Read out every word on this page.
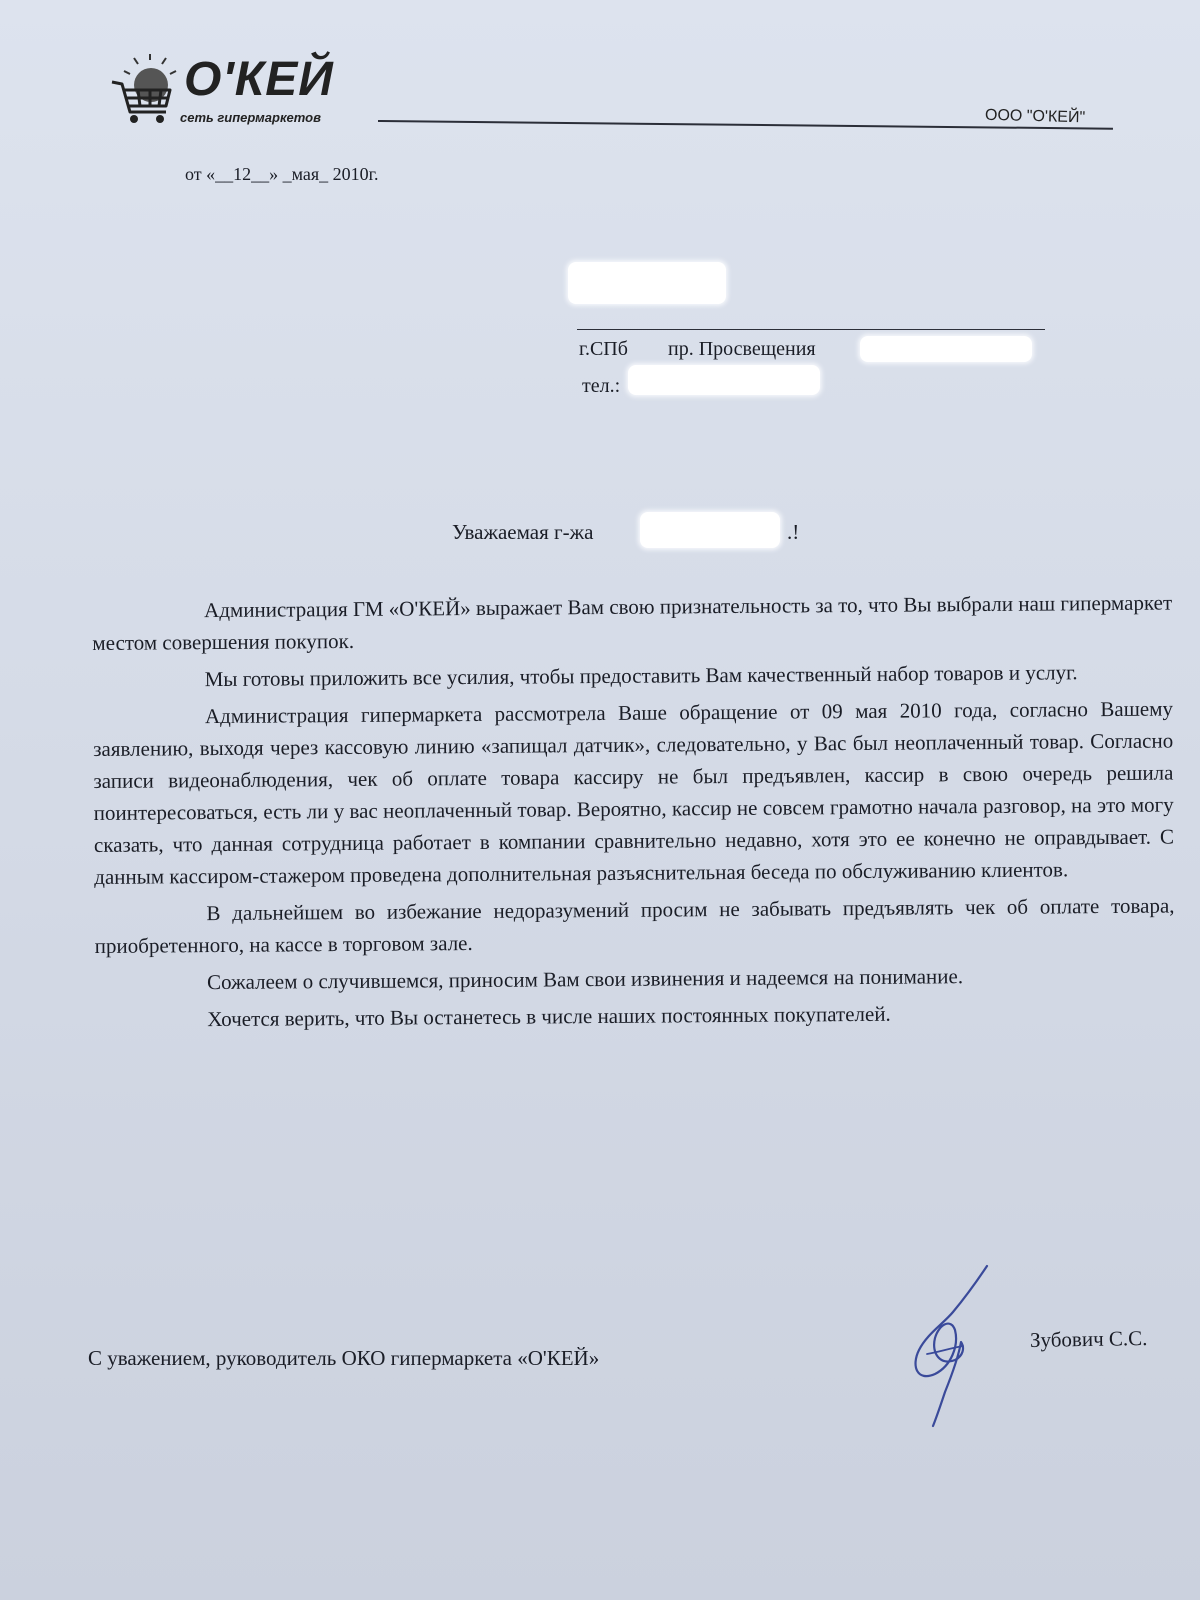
О'КЕЙ
сеть гипермаркетов	ООО "О'КЕЙ"
от «__12__» _мая_ 2010г.
г.СПб пр. Просвещения
тел.:
Уважаемая г-жа	.!

Администрация ГМ «О'КЕЙ» выражает Вам свою признательность за то, что Вы выбрали наш гипермаркет местом совершения покупок.

Мы готовы приложить все усилия, чтобы предоставить Вам качественный набор товаров и услуг.

Администрация гипермаркета рассмотрела Ваше обращение от 09 мая 2010 года, согласно Вашему заявлению, выходя через кассовую линию «запищал датчик», следовательно, у Вас был неоплаченный товар. Согласно записи видеонаблюдения, чек об оплате товара кассиру не был предъявлен, кассир в свою очередь решила поинтересоваться, есть ли у вас неоплаченный товар. Вероятно, кассир не совсем грамотно начала разговор, на это могу сказать, что данная сотрудница работает в компании сравнительно недавно, хотя это ее конечно не оправдывает. С данным кассиром-стажером проведена дополнительная разъяснительная беседа по обслуживанию клиентов.

В дальнейшем во избежание недоразумений просим не забывать предъявлять чек об оплате товара, приобретенного, на кассе в торговом зале.

Сожалеем о случившемся, приносим Вам свои извинения и надеемся на понимание.

Хочется верить, что Вы останетесь в числе наших постоянных покупателей.

С уважением, руководитель ОКО гипермаркета «О'КЕЙ»
Зубович С.С.
